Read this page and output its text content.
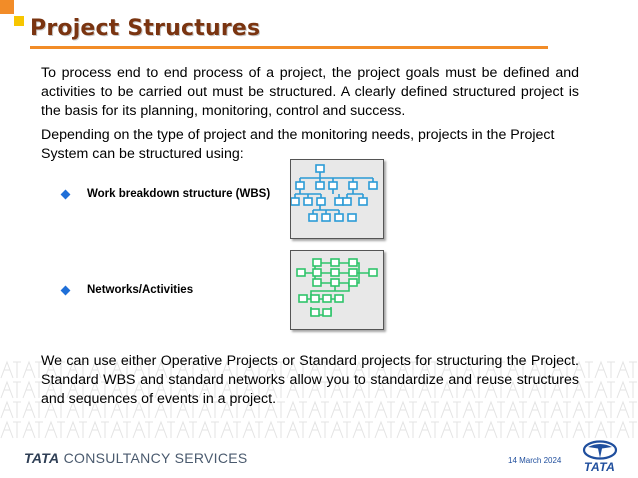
Project Structures

To process end to end process of a project, the project goals must be defined and activities to be carried out must be structured. A clearly defined structured project is the basis for its planning, monitoring, control and success.

Depending on the type of project and the monitoring needs, projects in the Project System can be structured using:

Work breakdown structure (WBS)
Networks/Activities

We can use either Operative Projects or Standard projects for structuring the Project. Standard WBS and standard networks allow you to standardize and reuse structures and sequences of events in a project.

TATA CONSULTANCY SERVICES	14 March 2024 TATA
